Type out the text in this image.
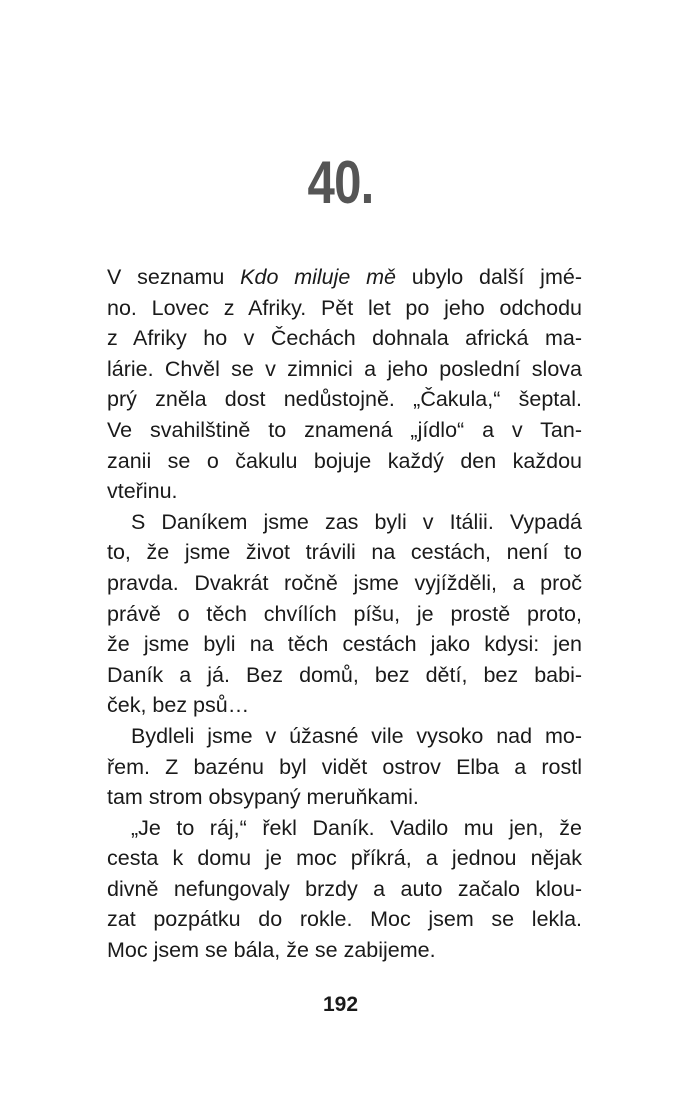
40.
V seznamu Kdo miluje mě ubylo další jmé-
no. Lovec z Afriky. Pět let po jeho odchodu
z Afriky ho v Čechách dohnala africká ma-
lárie. Chvěl se v zimnici a jeho poslední slova
prý zněla dost nedůstojně. „Čakula,“ šeptal.
Ve svahilštině to znamená „jídlo“ a v Tan-
zanii se o čakulu bojuje každý den každou
vteřinu.
S Daníkem jsme zas byli v Itálii. Vypadá
to, že jsme život trávili na cestách, není to
pravda. Dvakrát ročně jsme vyjížděli, a proč
právě o těch chvílích píšu, je prostě proto,
že jsme byli na těch cestách jako kdysi: jen
Daník a já. Bez domů, bez dětí, bez babi-
ček, bez psů…
Bydleli jsme v úžasné vile vysoko nad mo-
řem. Z bazénu byl vidět ostrov Elba a rostl
tam strom obsypaný meruňkami.
„Je to ráj,“ řekl Daník. Vadilo mu jen, že
cesta k domu je moc příkrá, a jednou nějak
divně nefungovaly brzdy a auto začalo klou-
zat pozpátku do rokle. Moc jsem se lekla.
Moc jsem se bála, že se zabijeme.
192
